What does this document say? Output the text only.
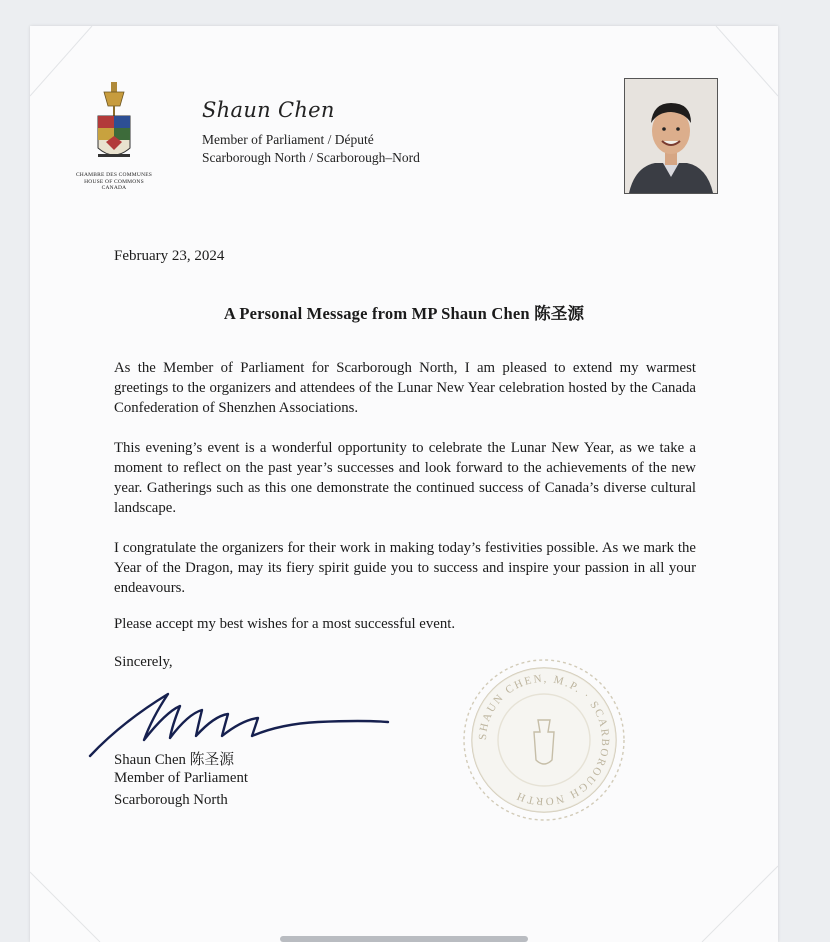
CHAMBRE DES COMMUNES
HOUSE OF COMMONS
CANADA
Shaun Chen
Member of Parliament / Député
Scarborough North / Scarborough–Nord
February 23, 2024
A Personal Message from MP Shaun Chen 陈圣源
As the Member of Parliament for Scarborough North, I am pleased to extend my warmest greetings to the organizers and attendees of the Lunar New Year celebration hosted by the Canada Confederation of Shenzhen Associations.
This evening’s event is a wonderful opportunity to celebrate the Lunar New Year, as we take a moment to reflect on the past year’s successes and look forward to the achievements of the new year. Gatherings such as this one demonstrate the continued success of Canada’s diverse cultural landscape.
I congratulate the organizers for their work in making today’s festivities possible. As we mark the Year of the Dragon, may its fiery spirit guide you to success and inspire your passion in all your endeavours.
Please accept my best wishes for a most successful event.
Sincerely,
Shaun Chen 陈圣源
Member of Parliament
Scarborough North
SHAUN CHEN, M.P. · SCARBOROUGH NORTH
